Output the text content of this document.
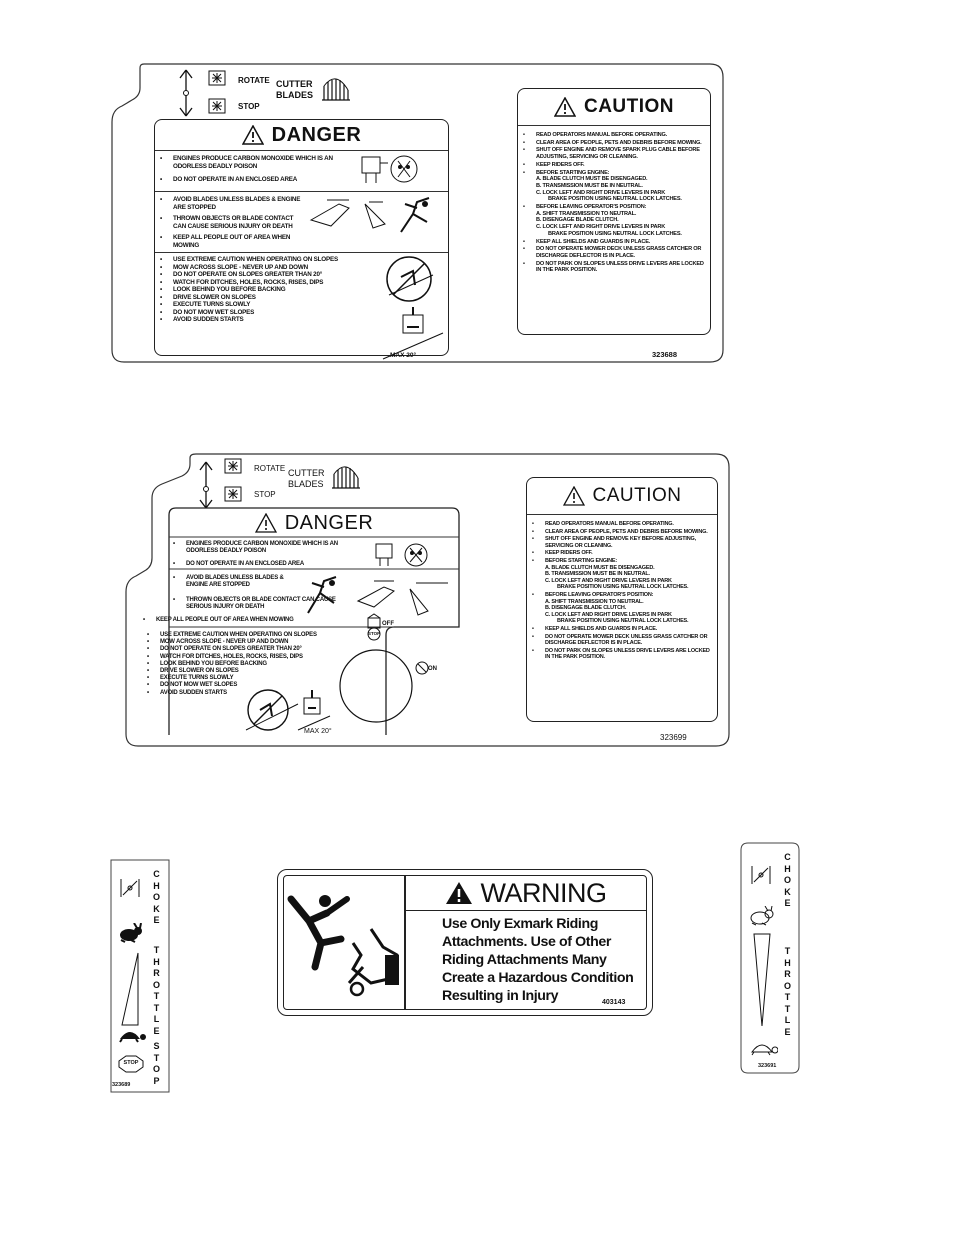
ROTATE
STOP
CUTTER
BLADES
DANGER
• ENGINES PRODUCE CARBON MONOXIDE WHICH IS AN ODORLESS DEADLY POISON
• DO NOT OPERATE IN AN ENCLOSED AREA
• AVOID BLADES UNLESS BLADES & ENGINE ARE STOPPED
• THROWN OBJECTS OR BLADE CONTACT CAN CAUSE SERIOUS INJURY OR DEATH
• KEEP ALL PEOPLE OUT OF AREA WHEN MOWING
• USE EXTREME CAUTION WHEN OPERATING ON SLOPES
• MOW ACROSS SLOPE - NEVER UP AND DOWN
• DO NOT OPERATE ON SLOPES GREATER THAN 20°
• WATCH FOR DITCHES, HOLES, ROCKS, RISES, DIPS
• LOOK BEHIND YOU BEFORE BACKING
• DRIVE SLOWER ON SLOPES
• EXECUTE TURNS SLOWLY
• DO NOT MOW WET SLOPES
• AVOID SUDDEN STARTS
MAX 20°
CAUTION
• READ OPERATORS MANUAL BEFORE OPERATING.
• CLEAR AREA OF PEOPLE, PETS AND DEBRIS BEFORE MOWING.
• SHUT OFF ENGINE AND REMOVE SPARK PLUG CABLE BEFORE ADJUSTING, SERVICING OR CLEANING.
• KEEP RIDERS OFF.
• BEFORE STARTING ENGINE:
A. BLADE CLUTCH MUST BE DISENGAGED.
B. TRANSMISSION MUST BE IN NEUTRAL.
C. LOCK LEFT AND RIGHT DRIVE LEVERS IN PARK
BRAKE POSITION USING NEUTRAL LOCK LATCHES.
• BEFORE LEAVING OPERATOR'S POSITION:
A. SHIFT TRANSMISSION TO NEUTRAL.
B. DISENGAGE BLADE CLUTCH.
C. LOCK LEFT AND RIGHT DRIVE LEVERS IN PARK
BRAKE POSITION USING NEUTRAL LOCK LATCHES.
• KEEP ALL SHIELDS AND GUARDS IN PLACE.
• DO NOT OPERATE MOWER DECK UNLESS GRASS CATCHER OR DISCHARGE DEFLECTOR IS IN PLACE.
• DO NOT PARK ON SLOPES UNLESS DRIVE LEVERS ARE LOCKED IN THE PARK POSITION.
323688
ROTATE
STOP
CUTTER
BLADES
DANGER
• ENGINES PRODUCE CARBON MONOXIDE WHICH IS AN ODORLESS DEADLY POISON
• DO NOT OPERATE IN AN ENCLOSED AREA
• AVOID BLADES UNLESS BLADES & ENGINE ARE STOPPED
• THROWN OBJECTS OR BLADE CONTACT CAN CAUSE SERIOUS INJURY OR DEATH
• KEEP ALL PEOPLE OUT OF AREA WHEN MOWING
• USE EXTREME CAUTION WHEN OPERATING ON SLOPES
• MOW ACROSS SLOPE - NEVER UP AND DOWN
• DO NOT OPERATE ON SLOPES GREATER THAN 20°
• WATCH FOR DITCHES, HOLES, ROCKS, RISES, DIPS
• LOOK BEHIND YOU BEFORE BACKING
• DRIVE SLOWER ON SLOPES
• EXECUTE TURNS SLOWLY
• DO NOT MOW WET SLOPES
• AVOID SUDDEN STARTS
MAX 20°
OFF
STOP
ON
CAUTION
• READ OPERATORS MANUAL BEFORE OPERATING.
• CLEAR AREA OF PEOPLE, PETS AND DEBRIS BEFORE MOWING.
• SHUT OFF ENGINE AND REMOVE KEY BEFORE ADJUSTING, SERVICING OR CLEANING.
• KEEP RIDERS OFF.
• BEFORE STARTING ENGINE:
A. BLADE CLUTCH MUST BE DISENGAGED.
B. TRANSMISSION MUST BE IN NEUTRAL.
C. LOCK LEFT AND RIGHT DRIVE LEVERS IN PARK
BRAKE POSITION USING NEUTRAL LOCK LATCHES.
• BEFORE LEAVING OPERATOR'S POSITION:
A. SHIFT TRANSMISSION TO NEUTRAL.
B. DISENGAGE BLADE CLUTCH.
C. LOCK LEFT AND RIGHT DRIVE LEVERS IN PARK
BRAKE POSITION USING NEUTRAL LOCK LATCHES.
• KEEP ALL SHIELDS AND GUARDS IN PLACE.
• DO NOT OPERATE MOWER DECK UNLESS GRASS CATCHER OR DISCHARGE DEFLECTOR IS IN PLACE.
• DO NOT PARK ON SLOPES UNLESS DRIVE LEVERS ARE LOCKED IN THE PARK POSITION.
323699
STOP
323689
C
H
O
K
E
T
H
R
O
T
T
L
E
S
T
O
P
WARNING
Use Only Exmark Riding
Attachments. Use of Other
Riding Attachments Many
Create a Hazardous Condition
Resulting in Injury	403143
323691
C
H
O
K
E
T
H
R
O
T
T
L
E
